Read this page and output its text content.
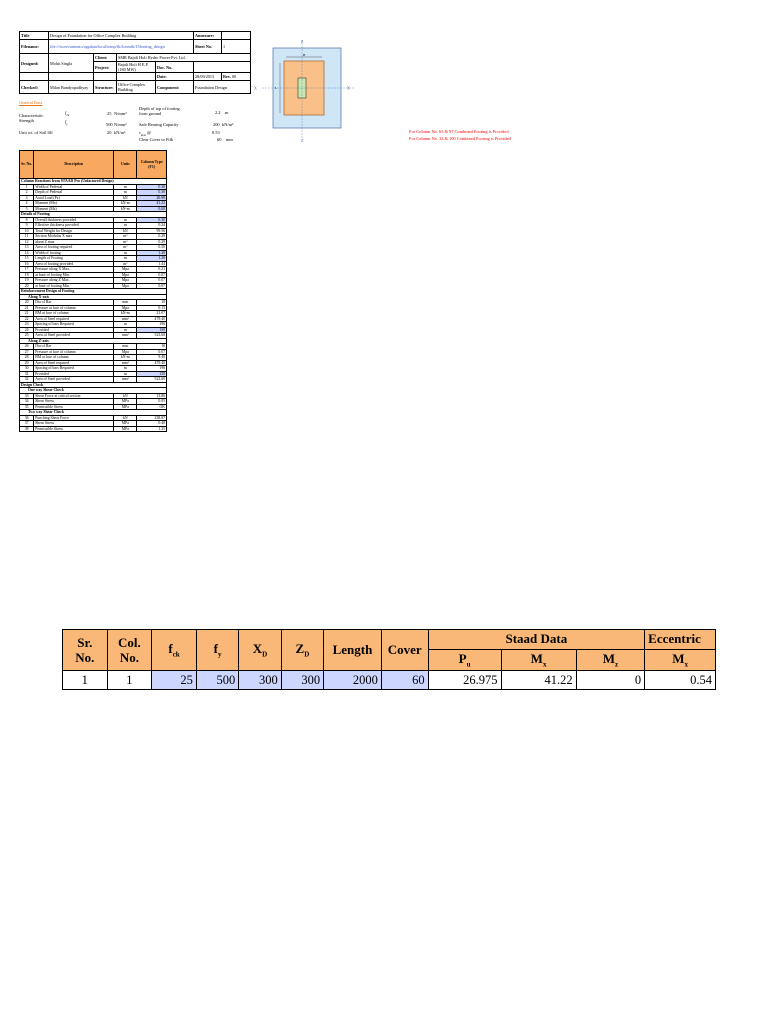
Title	Design of Foundation for Office Complex Building				Annexure:	
Filename:	file:///users/antonio/appdata/local/temp/fb/4cnmfb/15footing_design				Sheet No.	1
Designed:	Mohit Singla	Client:	SMR Bajoli Holi Hydro Power Pvt. Ltd.			
		Project:	Bajoli Holi H.E.P. (180 MW)	Doc. No.		
				Date:	28/09/2013	Rev. 00
Checked:	Milan Bandyopadhyay	Structure:	Office Complex Building	Component:	Foundation Design	
Z
Z
X	X
B
L
General Data
Characteristic Strength
$f_{ck}$	25 N/mm²
$f_y$	500 N/mm²
Unit wt. of Soil fill	20 kN/m³
Depth of top of footing from ground	2.2 m
Safe Bearing Capacity	200 kN/m²
$\tau_{max}$ @	0.53
Clear Cover to Ftlk	60 mm
For Column No. 65 & 97 Combined Footing is Provided
For Column No. 32 & 100 Combined Footing is Provided
Sr. No.	Description	Units	Column Type (F1)
Column Reactions from STAAD Pro (Unfactored Design)			
1	Width of Pedestal	m	0.30
2	Depth of Pedestal	m	0.30
3	Axial Load (Pz)	kN	26.98
4	Moment (Mx)	kN-m	41.22
5	Moment (Mz)	kN-m	0.00
Details of Footing			
8	Overall thickness provided	m	0.30
9	Effective thickness provided	m	0.24
10	Total Weight for Design	kN	99.56
11	Section Modulus X max	m³	0.29
12	about Z max	m³	0.29
13	Area of footing required	m²	0.50
14	Width of footing	m	1.20
15	Length of Footing	m	1.20
16	Area of footing provided	m²	1.44
17	Pressure along X Max.	Mpa	0.21
18	at base of footing Min.	Mpa	0.07
19	Pressure along Z Max.	Mpa	0.07
20	at base of footing Min.	Mpa	0.07
Reinforcement Design of Footing			
Along X-axis			
20	Dia of Bar	mm	10
21	Pressure at face of column	Mpa	0.15
21	BM at face of column	kN-m	21.07
22	Area of Steel required	mm²	479.40
23	Spacing of bars Required	m	196
24	Provided	m	150
25	Area of Steel provided	mm²	523.60
Along Z-axis			
26	Dia of Bar	mm	10
27	Pressure at face of column	Mpa	0.07
28	BM at face of column	kN-m	9.40
29	Area of Steel required	mm²	479.40
30	Spacing of bars Required	m	196
31	Provided	m	150
32	Area of Steel provided	mm²	523.60
Design Check			
One way Shear Check			
33	Shear Force at critical section	kN	13.86
34	Shear Stress	MPa	0.05
35	Permissible Stress	MPa	OK
Two way Shear Check			
36	Punching Shear Force	kN	238.07
37	Shear Stress	MPa	0.40
38	Permissible Stress	MPa	1.25
Sr.
No.	Col.
No.	$f_{ck}$	$f_y$	$X_D$	$Z_D$	Length	Cover	Staad Data			Eccentric
								$P_u$	$M_x$	$M_z$	$M_x$
1	1	25	500	300	300	2000	60	26.975	41.22	0	0.54
